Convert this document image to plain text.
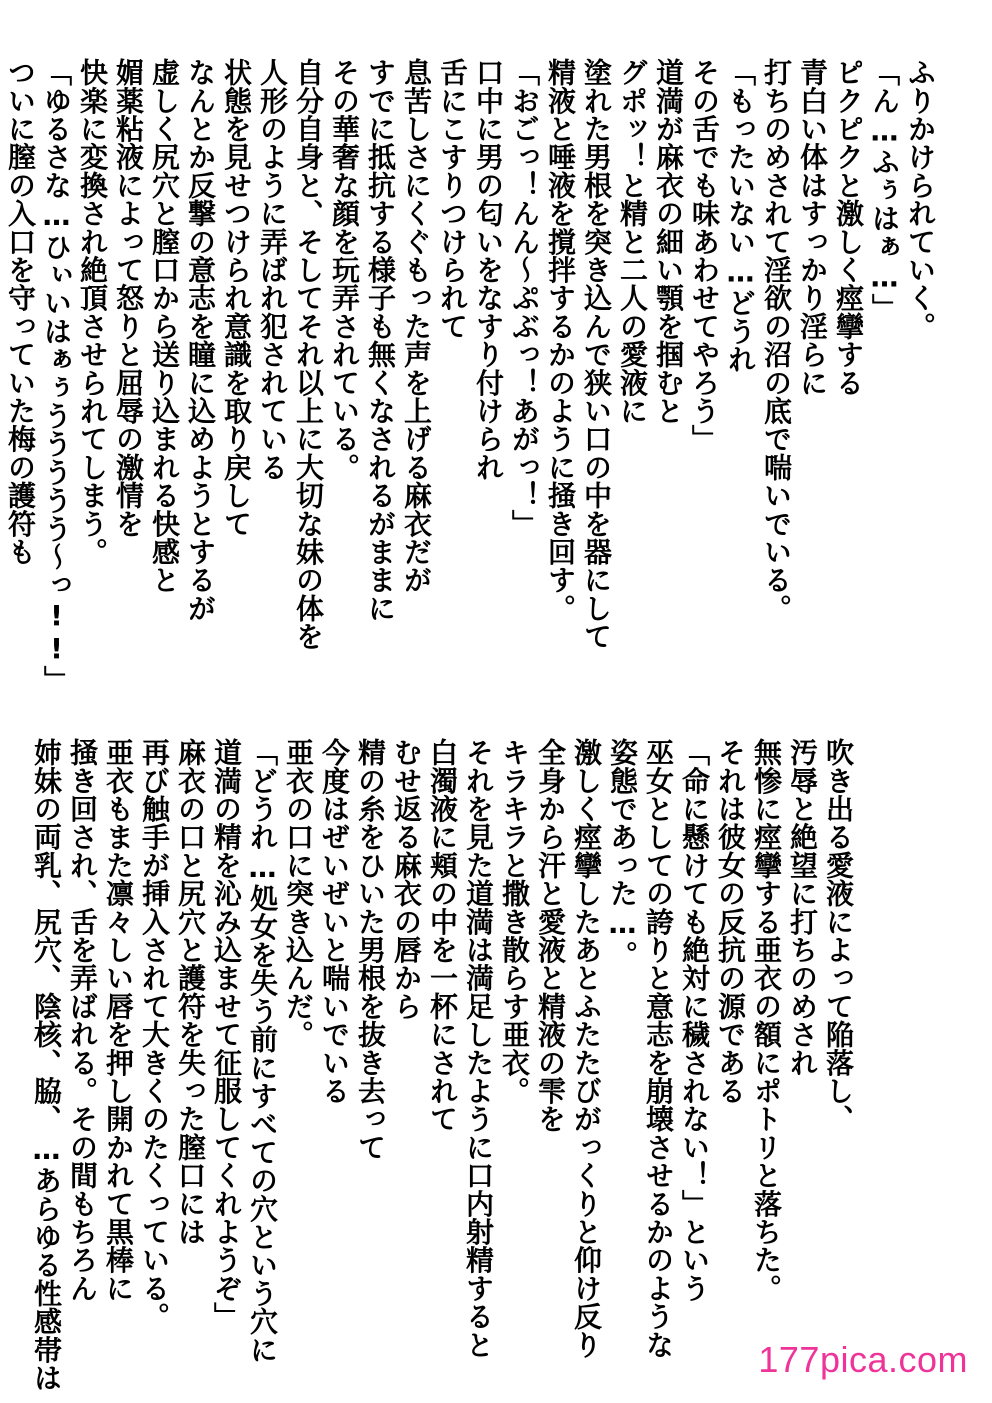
ふりかけられていく。
「ん…ふぅはぁ…」
ピクピクと激しく痙攣する
青白い体はすっかり淫らに
打ちのめされて淫欲の沼の底で喘いでいる。
「もったいない…どうれ
その舌でも味あわせてやろう」
道満が麻衣の細い顎を掴むと
グポッ！と精と二人の愛液に
塗れた男根を突き込んで狭い口の中を器にして
精液と唾液を撹拌するかのように掻き回す。
「おごっ！んん〜ぷぶっ！あがっ！」
口中に男の匂いをなすり付けられ
舌にこすりつけられて
息苦しさにくぐもった声を上げる麻衣だが
すでに抵抗する様子も無くなされるがままに
その華奢な顔を玩弄されている。
自分自身と、そしてそれ以上に大切な妹の体を
人形のように弄ばれ犯されている
状態を見せつけられ意識を取り戻して
なんとか反撃の意志を瞳に込めようとするが
虚しく尻穴と膣口から送り込まれる快感と
媚薬粘液によって怒りと屈辱の激情を
快楽に変換され絶頂させられてしまう。
「ゆるさな…ひぃいはぁぅううううう〜っ!!」
ついに膣の入口を守っていた梅の護符も
吹き出る愛液によって陥落し、
汚辱と絶望に打ちのめされ
無惨に痙攣する亜衣の額にポトリと落ちた。
それは彼女の反抗の源である
「命に懸けても絶対に穢されない！」という
巫女としての誇りと意志を崩壊させるかのような
姿態であった…。
激しく痙攣したあとふたたびがっくりと仰け反り
全身から汗と愛液と精液の雫を
キラキラと撒き散らす亜衣。
それを見た道満は満足したように口内射精すると
白濁液に頬の中を一杯にされて
むせ返る麻衣の唇から
精の糸をひいた男根を抜き去って
今度はぜいぜいと喘いでいる
亜衣の口に突き込んだ。
「どうれ…処女を失う前にすべての穴という穴に
道満の精を沁み込ませて征服してくれようぞ」
麻衣の口と尻穴と護符を失った膣口には
再び触手が挿入されて大きくのたくっている。
亜衣もまた凛々しい唇を押し開かれて黒棒に
掻き回され、舌を弄ばれる。その間もちろん
姉妹の両乳、尻穴、陰核、脇、…あらゆる性感帯は	177pica.com
